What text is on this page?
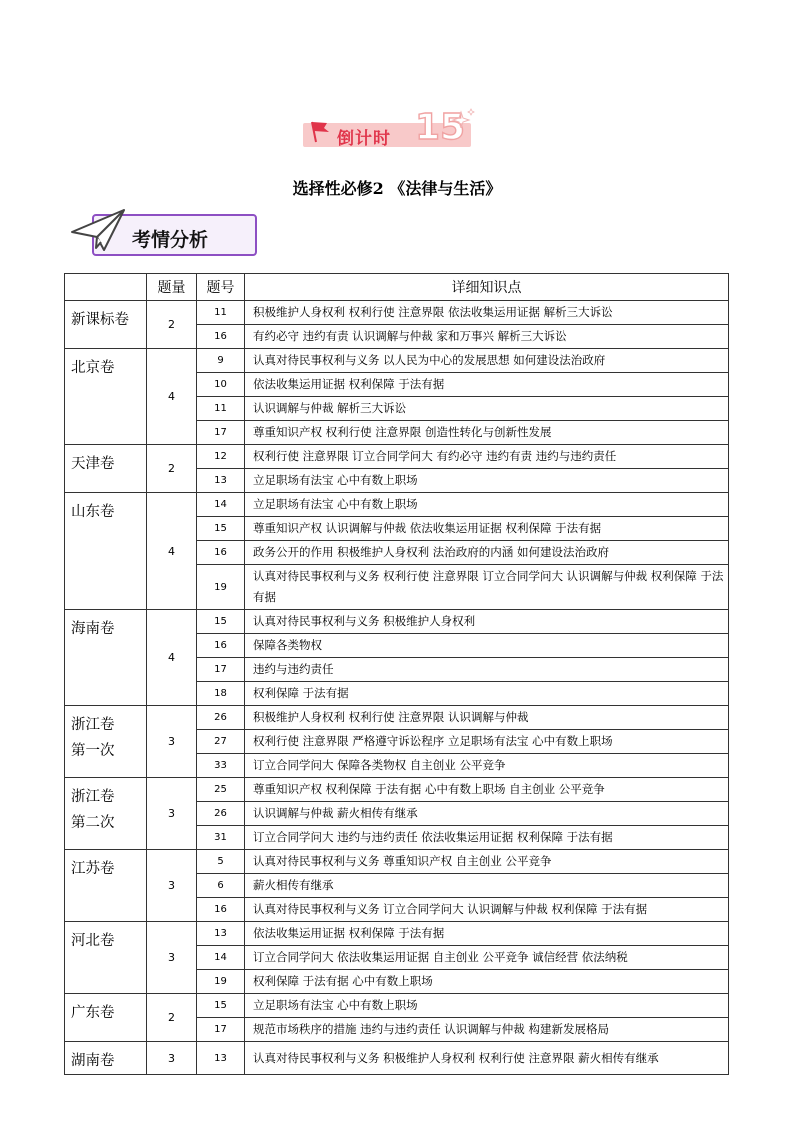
倒计时 15
选择性必修2 《法律与生活》
考情分析
	题量	题号	详细知识点
新课标卷	2	11	积极维护人身权利 权利行使 注意界限 依法收集运用证据 解析三大诉讼
		16	有约必守 违约有责 认识调解与仲裁 家和万事兴 解析三大诉讼
北京卷	4	9	认真对待民事权利与义务 以人民为中心的发展思想 如何建设法治政府
		10	依法收集运用证据 权利保障 于法有据
		11	认识调解与仲裁 解析三大诉讼
		17	尊重知识产权 权利行使 注意界限 创造性转化与创新性发展
天津卷	2	12	权利行使 注意界限 订立合同学问大 有约必守 违约有责 违约与违约责任
		13	立足职场有法宝 心中有数上职场
山东卷	4	14	立足职场有法宝 心中有数上职场
		15	尊重知识产权 认识调解与仲裁 依法收集运用证据 权利保障 于法有据
		16	政务公开的作用 积极维护人身权利 法治政府的内涵 如何建设法治政府
		19	认真对待民事权利与义务 权利行使 注意界限 订立合同学问大 认识调解与仲裁 权利保障 于法有据
海南卷	4	15	认真对待民事权利与义务 积极维护人身权利
		16	保障各类物权
		17	违约与违约责任
		18	权利保障 于法有据

浙江卷
第一次	3	26	积极维护人身权利 权利行使 注意界限 认识调解与仲裁
		27	权利行使 注意界限 严格遵守诉讼程序 立足职场有法宝 心中有数上职场
		33	订立合同学问大 保障各类物权 自主创业 公平竞争

浙江卷
第二次	3	25	尊重知识产权 权利保障 于法有据 心中有数上职场 自主创业 公平竞争
		26	认识调解与仲裁 薪火相传有继承
		31	订立合同学问大 违约与违约责任 依法收集运用证据 权利保障 于法有据
江苏卷	3	5	认真对待民事权利与义务 尊重知识产权 自主创业 公平竞争
		6	薪火相传有继承
		16	认真对待民事权利与义务 订立合同学问大 认识调解与仲裁 权利保障 于法有据
河北卷	3	13	依法收集运用证据 权利保障 于法有据
		14	订立合同学问大 依法收集运用证据 自主创业 公平竞争 诚信经营 依法纳税
		19	权利保障 于法有据 心中有数上职场
广东卷	2	15	立足职场有法宝 心中有数上职场
		17	规范市场秩序的措施 违约与违约责任 认识调解与仲裁 构建新发展格局
湖南卷	3	13	认真对待民事权利与义务 积极维护人身权利 权利行使 注意界限 薪火相传有继承
